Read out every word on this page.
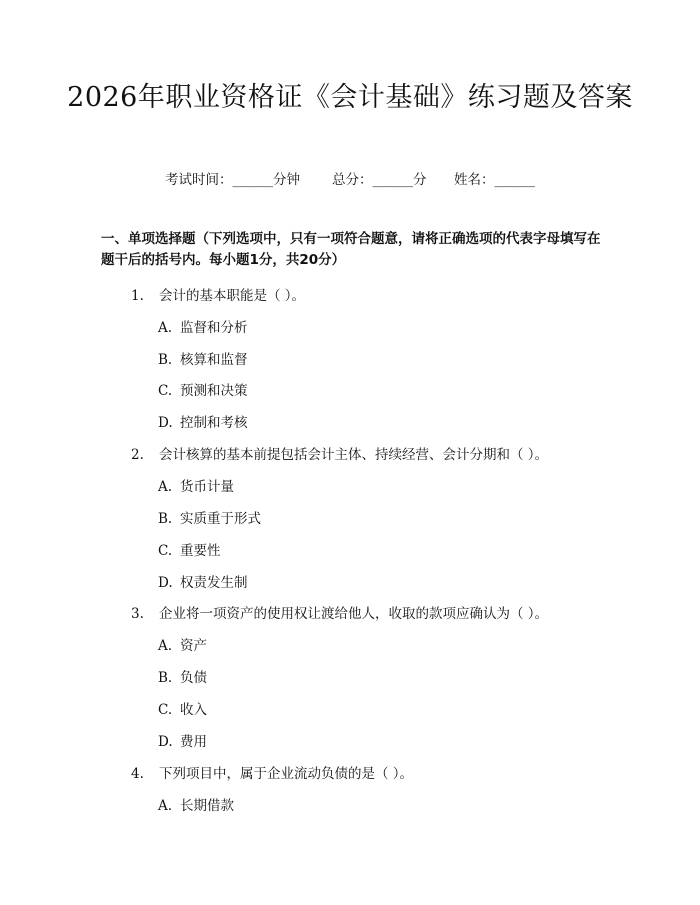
2026年职业资格证《会计基础》练习题及答案
考试时间：______分钟 总分：______分 姓名：______
一、单项选择题（下列选项中，只有一项符合题意，请将正确选项的代表字母填写在题干后的括号内。每小题1分，共20分）
1. 会计的基本职能是（ ）。
A. 监督和分析
B. 核算和监督
C. 预测和决策
D. 控制和考核
2. 会计核算的基本前提包括会计主体、持续经营、会计分期和（ ）。
A. 货币计量
B. 实质重于形式
C. 重要性
D. 权责发生制
3. 企业将一项资产的使用权让渡给他人，收取的款项应确认为（ ）。
A. 资产
B. 负债
C. 收入
D. 费用
4. 下列项目中，属于企业流动负债的是（ ）。
A. 长期借款
